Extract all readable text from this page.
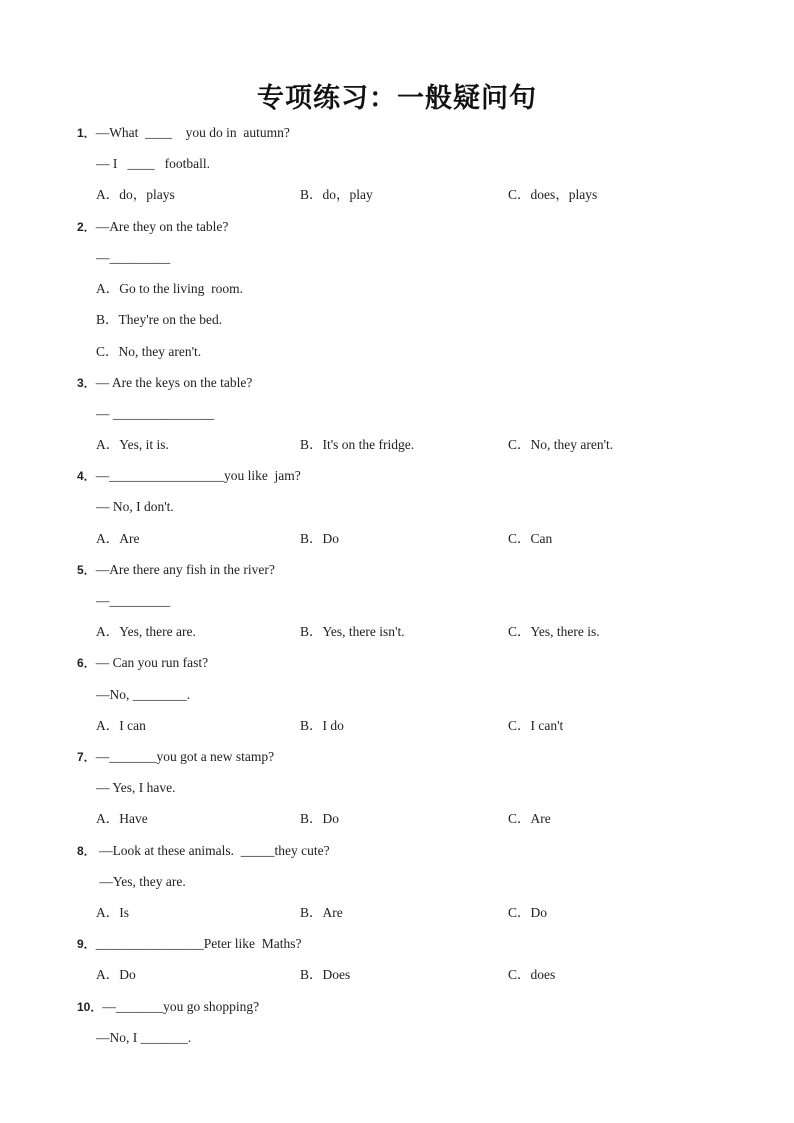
专项练习：一般疑问句
1．—What  ____    you do in  autumn?
— I   ____   football.
A．do，plays	B．do，play	C．does，plays
2．—Are they on the table?
—_________
A．Go to the living  room.
B．They're on the bed.
C．No, they aren't.
3．— Are the keys on the table?
— _______________
A．Yes, it is.	B．It's on the fridge.	C．No, they aren't.
4．—_________________you like  jam?
— No, I don't.
A．Are	B．Do	C．Can
5．—Are there any fish in the river?
—_________
A．Yes, there are.	B．Yes, there isn't.	C．Yes, there is.
6．— Can you run fast?
—No, ________.
A．I can	B．I do	C．I can't
7．—_______you got a new stamp?
— Yes, I have.
A．Have	B．Do	C．Are
8． —Look at these animals.  _____they cute?
—Yes, they are.
A．Is	B．Are	C．Do
9．________________Peter like  Maths?
A．Do	B．Does	C．does
10．—_______you go shopping?
—No, I _______.
